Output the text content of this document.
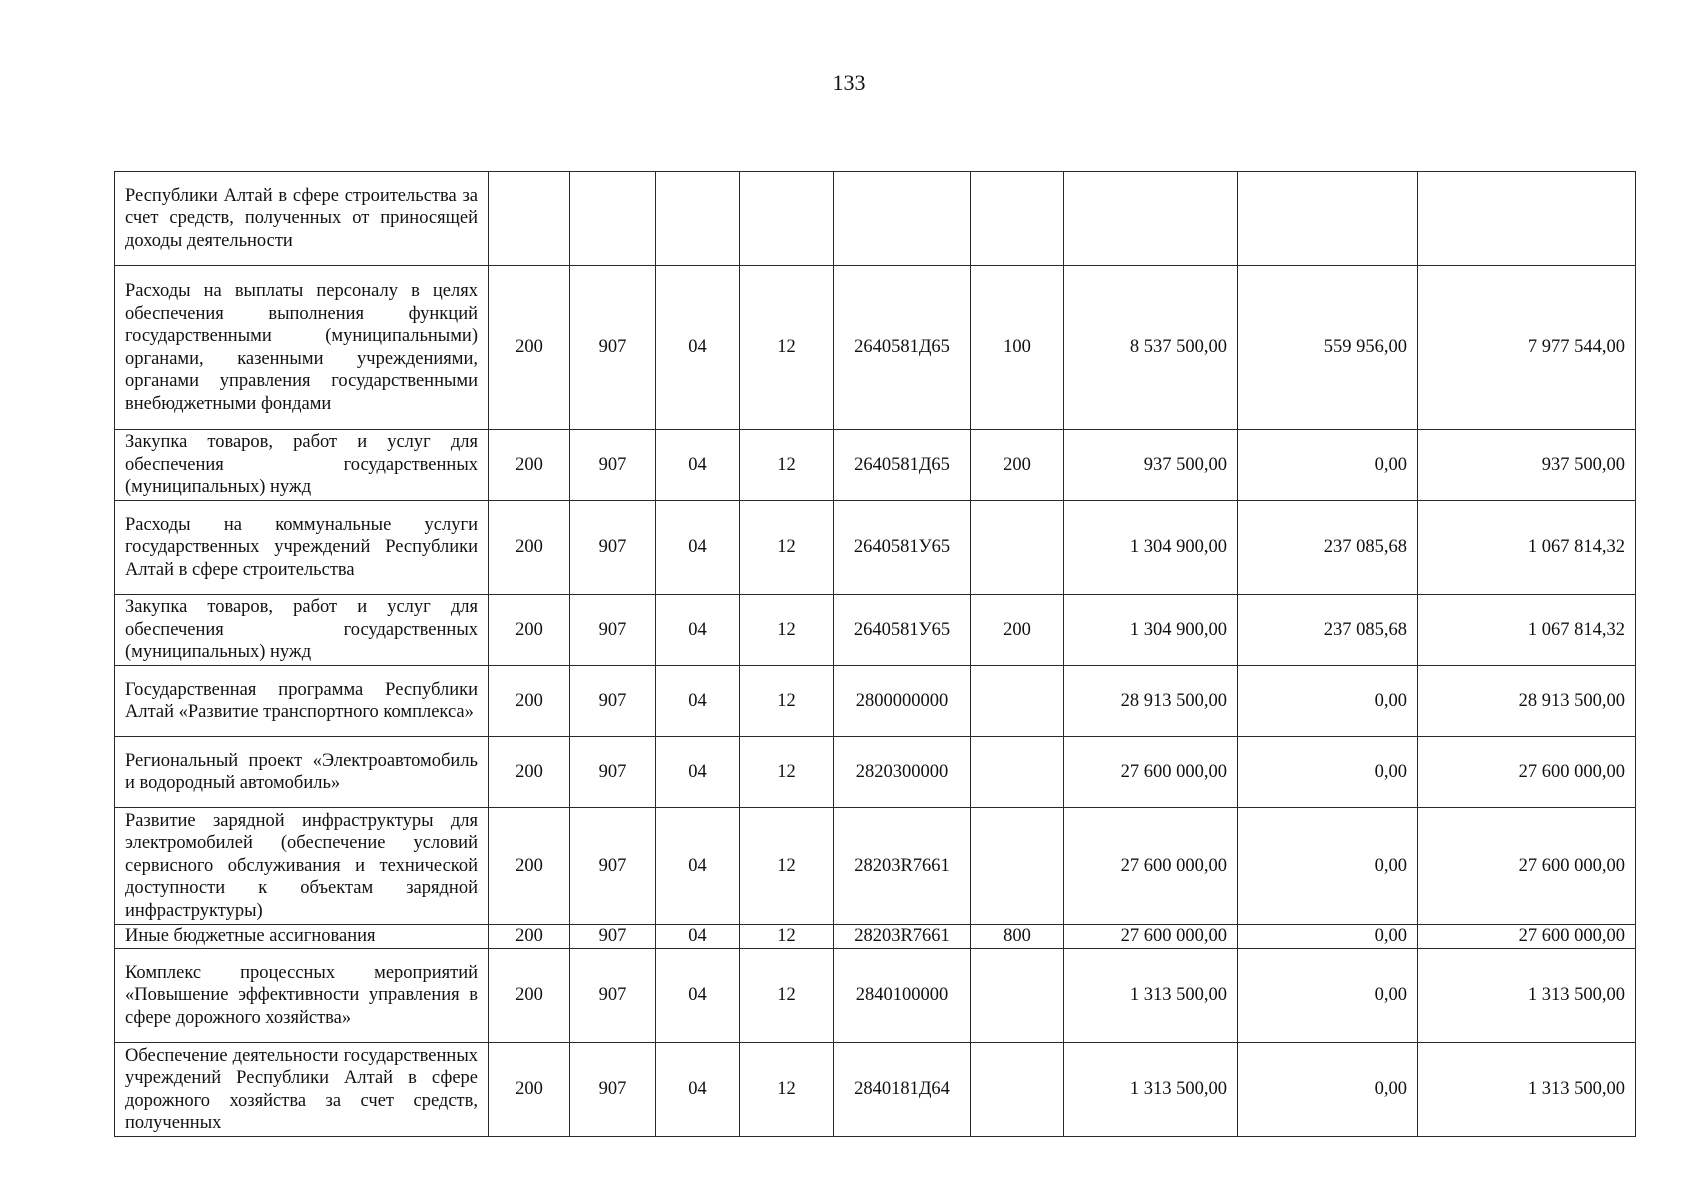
133
Республики Алтай в сфере строительства за счет средств, полученных от приносящей доходы деятельности									
Расходы на выплаты персоналу в целях обеспечения выполнения функций государственными (муниципальными) органами, казенными учреждениями, органами управления государственными внебюджетными фондами	200	907	04	12	2640581Д65	100	8 537 500,00	559 956,00	7 977 544,00
Закупка товаров, работ и услуг для обеспечения государственных (муниципальных) нужд	200	907	04	12	2640581Д65	200	937 500,00	0,00	937 500,00
Расходы на коммунальные услуги государственных учреждений Республики Алтай в сфере строительства	200	907	04	12	2640581У65		1 304 900,00	237 085,68	1 067 814,32
Закупка товаров, работ и услуг для обеспечения государственных (муниципальных) нужд	200	907	04	12	2640581У65	200	1 304 900,00	237 085,68	1 067 814,32
Государственная программа Республики Алтай «Развитие транспортного комплекса»	200	907	04	12	2800000000		28 913 500,00	0,00	28 913 500,00
Региональный проект «Электроавтомобиль и водородный автомобиль»	200	907	04	12	2820300000		27 600 000,00	0,00	27 600 000,00
Развитие зарядной инфраструктуры для электромобилей (обеспечение условий сервисного обслуживания и технической доступности к объектам зарядной инфраструктуры)	200	907	04	12	28203R7661		27 600 000,00	0,00	27 600 000,00
Иные бюджетные ассигнования	200	907	04	12	28203R7661	800	27 600 000,00	0,00	27 600 000,00
Комплекс процессных мероприятий «Повышение эффективности управления в сфере дорожного хозяйства»	200	907	04	12	2840100000		1 313 500,00	0,00	1 313 500,00
Обеспечение деятельности государственных учреждений Республики Алтай в сфере дорожного хозяйства за счет средств, полученных	200	907	04	12	2840181Д64		1 313 500,00	0,00	1 313 500,00
